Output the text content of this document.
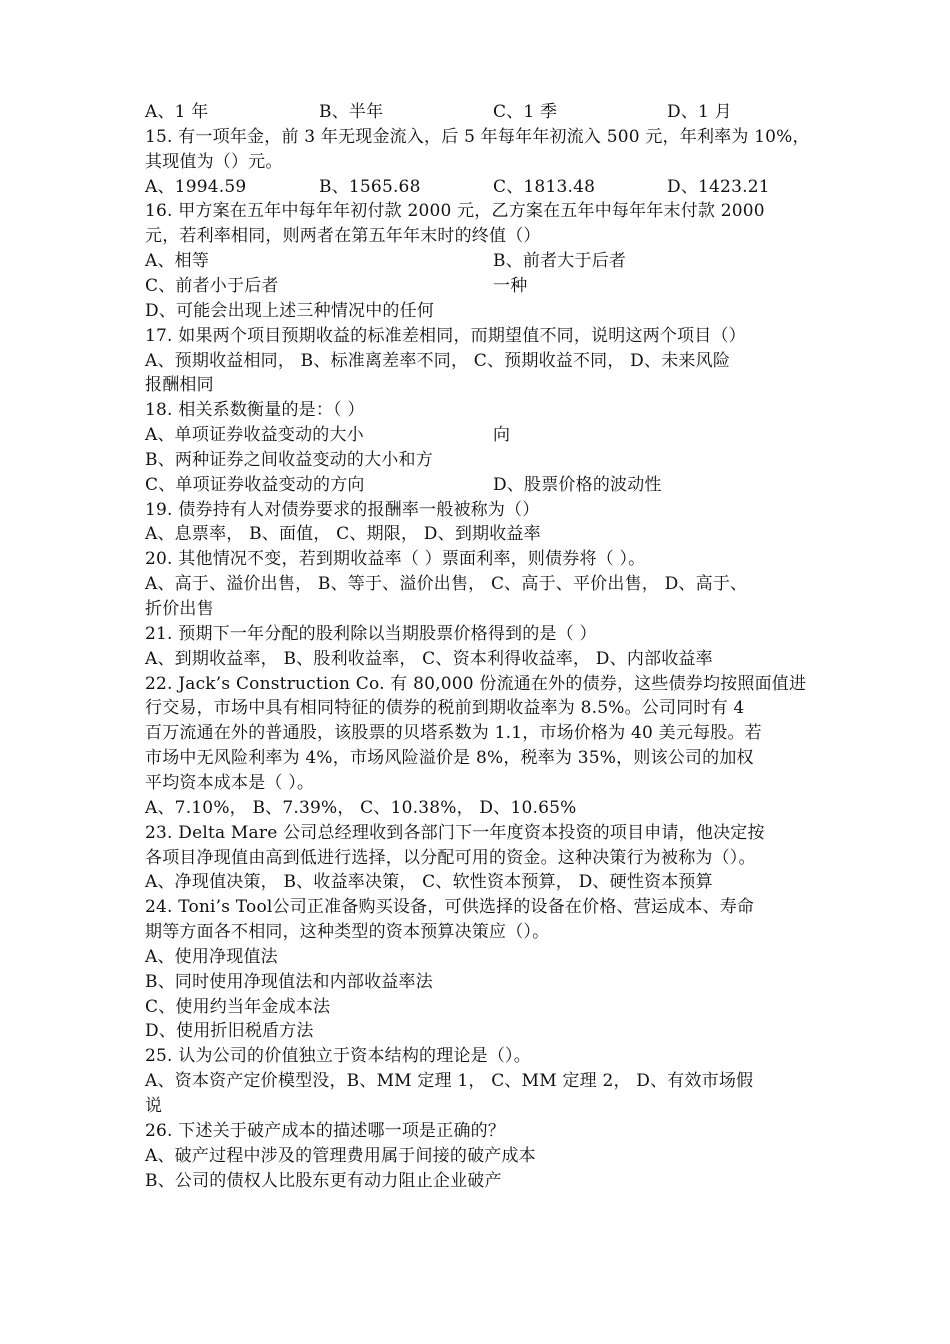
A、1 年	B、半年	C、1 季	D、1 月
15. 有一项年金，前 3 年无现金流入，后 5 年每年年初流入 500 元，年利率为 10%，
其现值为（）元。
A、1994.59	B、1565.68	C、1813.48	D、1423.21
16. 甲方案在五年中每年年初付款 2000 元，乙方案在五年中每年年末付款 2000
元，若利率相同，则两者在第五年年末时的终值（）
A、相等	B、前者大于后者
C、前者小于后者	一种
D、可能会出现上述三种情况中的任何
17. 如果两个项目预期收益的标准差相同，而期望值不同，说明这两个项目（）
A、预期收益相同， B、标准离差率不同， C、预期收益不同， D、未来风险
报酬相同
18. 相关系数衡量的是：（ ）
A、单项证券收益变动的大小	向
B、两种证券之间收益变动的大小和方
C、单项证券收益变动的方向	D、股票价格的波动性
19. 债券持有人对债券要求的报酬率一般被称为（）
A、息票率， B、面值， C、期限， D、到期收益率
20. 其他情况不变，若到期收益率（ ）票面利率，则债券将（ ）。
A、高于、溢价出售， B、等于、溢价出售， C、高于、平价出售， D、高于、
折价出售
21. 预期下一年分配的股利除以当期股票价格得到的是（ ）
A、到期收益率， B、股利收益率， C、资本利得收益率， D、内部收益率
22. Jack’s Construction Co. 有 80,000 份流通在外的债券，这些债券均按照面值进
行交易，市场中具有相同特征的债券的税前到期收益率为 8.5%。公司同时有 4
百万流通在外的普通股，该股票的贝塔系数为 1.1，市场价格为 40 美元每股。若
市场中无风险利率为 4%，市场风险溢价是 8%，税率为 35%，则该公司的加权
平均资本成本是（ ）。
A、7.10%， B、7.39%， C、10.38%， D、10.65%
23. Delta Mare 公司总经理收到各部门下一年度资本投资的项目申请，他决定按
各项目净现值由高到低进行选择，以分配可用的资金。这种决策行为被称为（）。
A、净现值决策， B、收益率决策， C、软性资本预算， D、硬性资本预算
24. Toni’s Tool公司正准备购买设备，可供选择的设备在价格、营运成本、寿命
期等方面各不相同，这种类型的资本预算决策应（）。
A、使用净现值法
B、同时使用净现值法和内部收益率法
C、使用约当年金成本法
D、使用折旧税盾方法
25. 认为公司的价值独立于资本结构的理论是（）。
A、资本资产定价模型没，B、MM 定理 1， C、MM 定理 2， D、有效市场假
说
26. 下述关于破产成本的描述哪一项是正确的？
A、破产过程中涉及的管理费用属于间接的破产成本
B、公司的债权人比股东更有动力阻止企业破产
